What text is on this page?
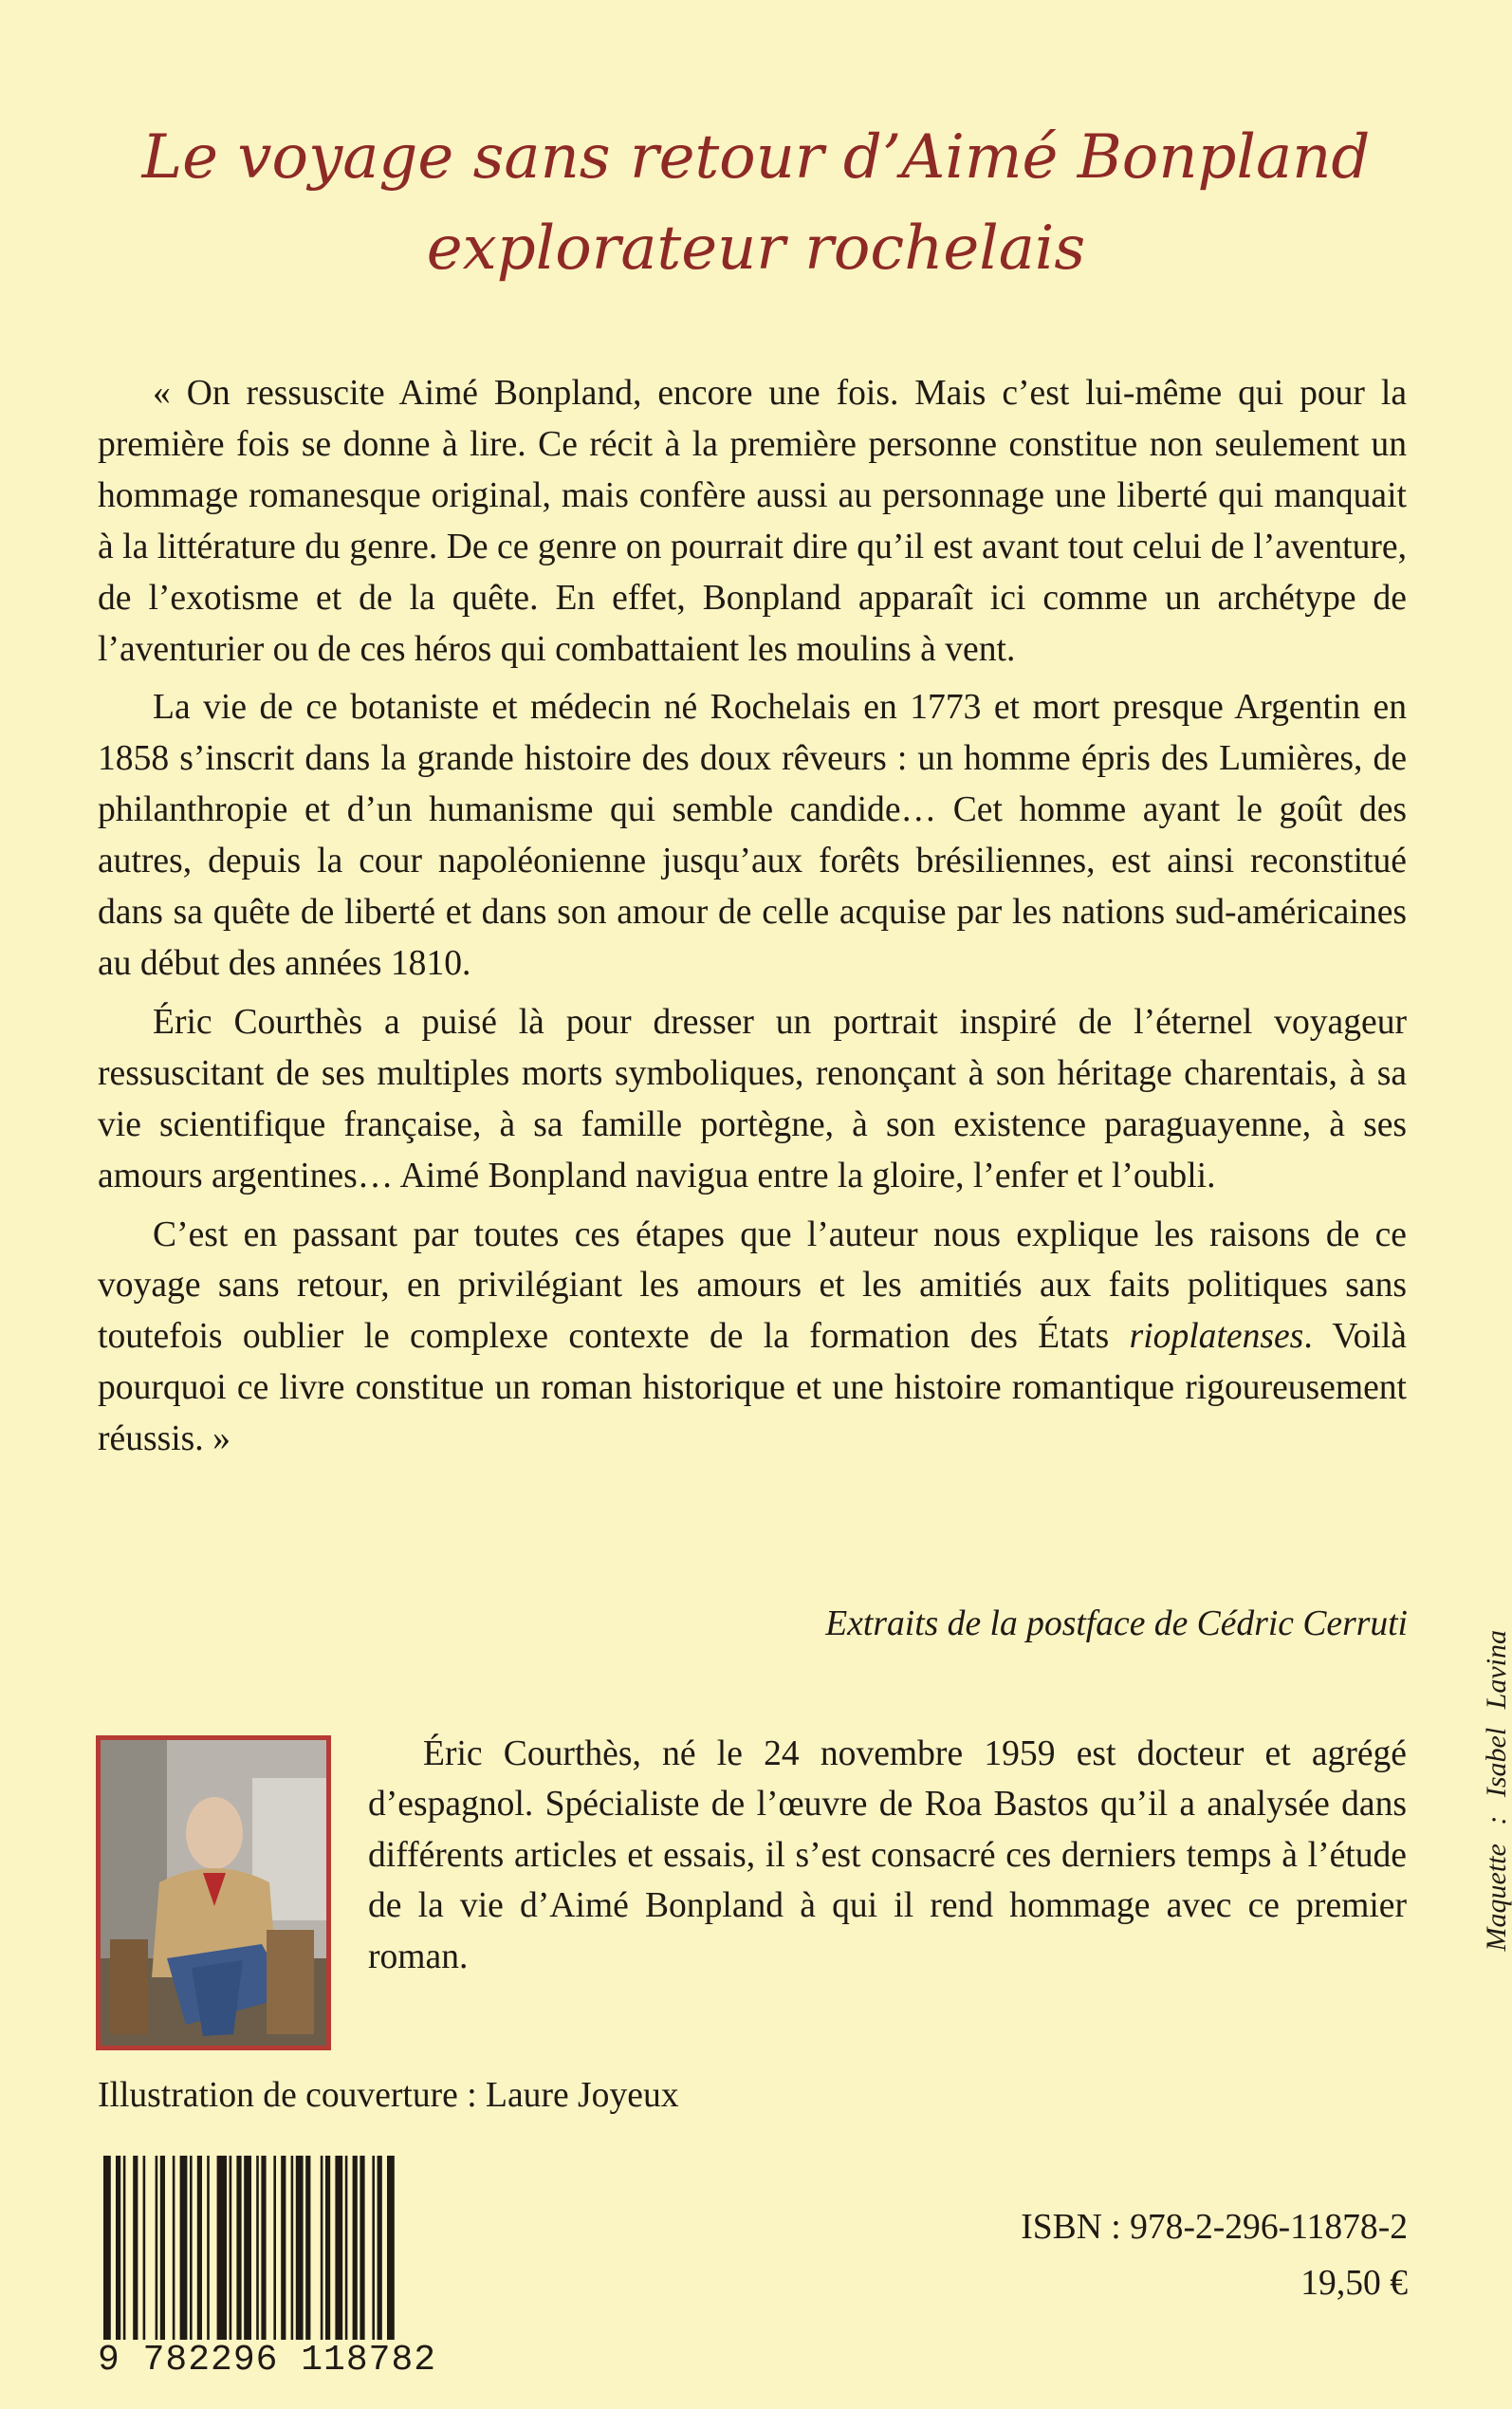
Le voyage sans retour d’Aimé Bonpland
explorateur rochelais

« On ressuscite Aimé Bonpland, encore une fois. Mais c’est lui-même qui pour la première fois se donne à lire. Ce récit à la première personne constitue non seulement un hommage romanesque original, mais confère aussi au personnage une liberté qui manquait à la littérature du genre. De ce genre on pourrait dire qu’il est avant tout celui de l’aventure, de l’exotisme et de la quête. En effet, Bonpland apparaît ici comme un archétype de l’aventurier ou de ces héros qui combattaient les moulins à vent.

La vie de ce botaniste et médecin né Rochelais en 1773 et mort presque Argentin en 1858 s’inscrit dans la grande histoire des doux rêveurs : un homme épris des Lumières, de philanthropie et d’un humanisme qui semble candide… Cet homme ayant le goût des autres, depuis la cour napoléonienne jusqu’aux forêts brésiliennes, est ainsi reconstitué dans sa quête de liberté et dans son amour de celle acquise par les nations sud-américaines au début des années 1810.

Éric Courthès a puisé là pour dresser un portrait inspiré de l’éternel voyageur ressuscitant de ses multiples morts symboliques, renonçant à son héritage charentais, à sa vie scientifique française, à sa famille portègne, à son existence paraguayenne, à ses amours argentines… Aimé Bonpland navigua entre la gloire, l’enfer et l’oubli.

C’est en passant par toutes ces étapes que l’auteur nous explique les raisons de ce voyage sans retour, en privilégiant les amours et les amitiés aux faits politiques sans toutefois oublier le complexe contexte de la formation des États rioplatenses. Voilà pourquoi ce livre constitue un roman historique et une histoire romantique rigoureusement réussis. »

Extraits de la postface de Cédric Cerruti

Éric Courthès, né le 24 novembre 1959 est docteur et agrégé d’espagnol. Spécialiste de l’œuvre de Roa Bastos qu’il a analysée dans différents articles et essais, il s’est consacré ces derniers temps à l’étude de la vie d’Aimé Bonpland à qui il rend hommage avec ce premier roman.

Illustration de couverture : Laure Joyeux
9 782296 118782
ISBN : 978-2-296-11878-2
19,50 €
Maquette : Isabel Lavina
